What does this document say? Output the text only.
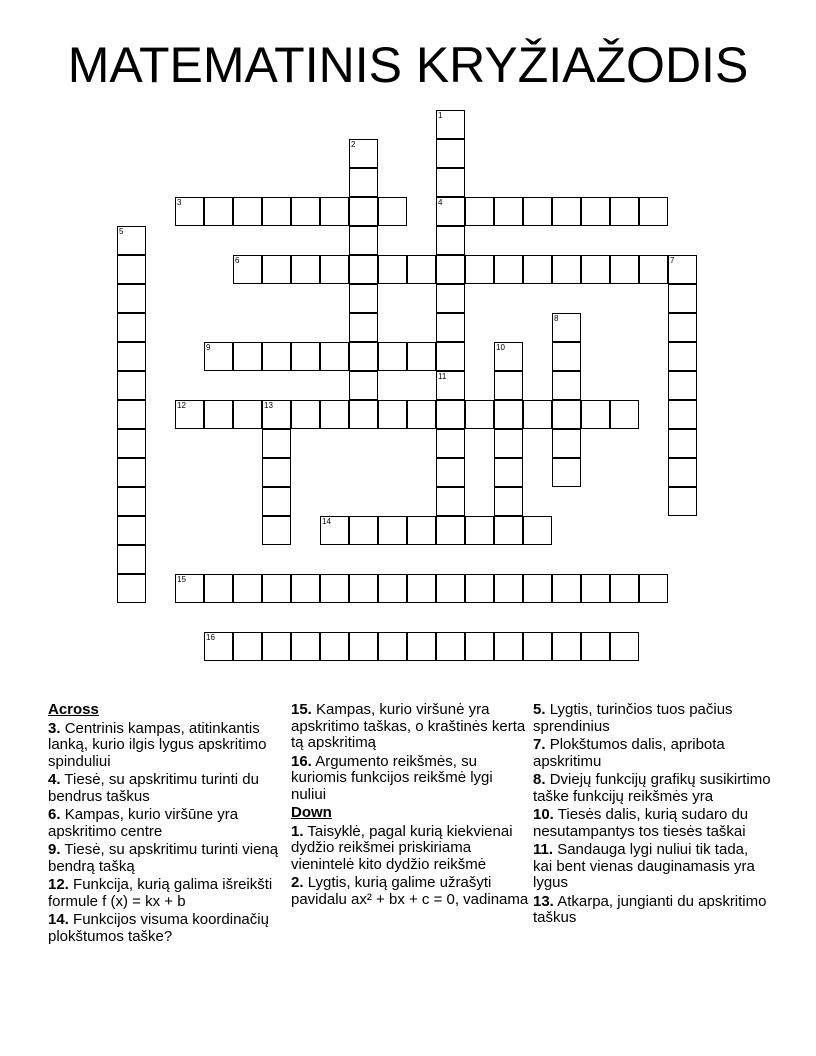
MATEMATINIS KRYŽIAŽODIS
1
4
2
3
5
6	7
8
9	10
11
12	13
14
15
16
Across
3. Centrinis kampas, atitinkantis lanką, kurio ilgis lygus apskritimo spinduliui
4. Tiesė, su apskritimu turinti du bendrus taškus
6. Kampas, kurio viršūne yra apskritimo centre
9. Tiesė, su apskritimu turinti vieną bendrą tašką
12. Funkcija, kurią galima išreikšti formule f (x) = kx + b
14. Funkcijos visuma koordinačių plokštumos taške?
15. Kampas, kurio viršunė yra apskritimo taškas, o kraštinės kerta tą apskritimą
16. Argumento reikšmės, su kuriomis funkcijos reikšmė lygi nuliui
Down
1. Taisyklė, pagal kurią kiekvienai dydžio reikšmei priskiriama vienintelė kito dydžio reikšmė
2. Lygtis, kurią galime užrašyti pavidalu ax² + bx + c = 0, vadinama
5. Lygtis, turinčios tuos pačius sprendinius
7. Plokštumos dalis, apribota apskritimu
8. Dviejų funkcijų grafikų susikirtimo taške funkcijų reikšmės yra
10. Tiesės dalis, kurią sudaro du nesutampantys tos tiesės taškai
11. Sandauga lygi nuliui tik tada, kai bent vienas dauginamasis yra lygus
13. Atkarpa, jungianti du apskritimo taškus
